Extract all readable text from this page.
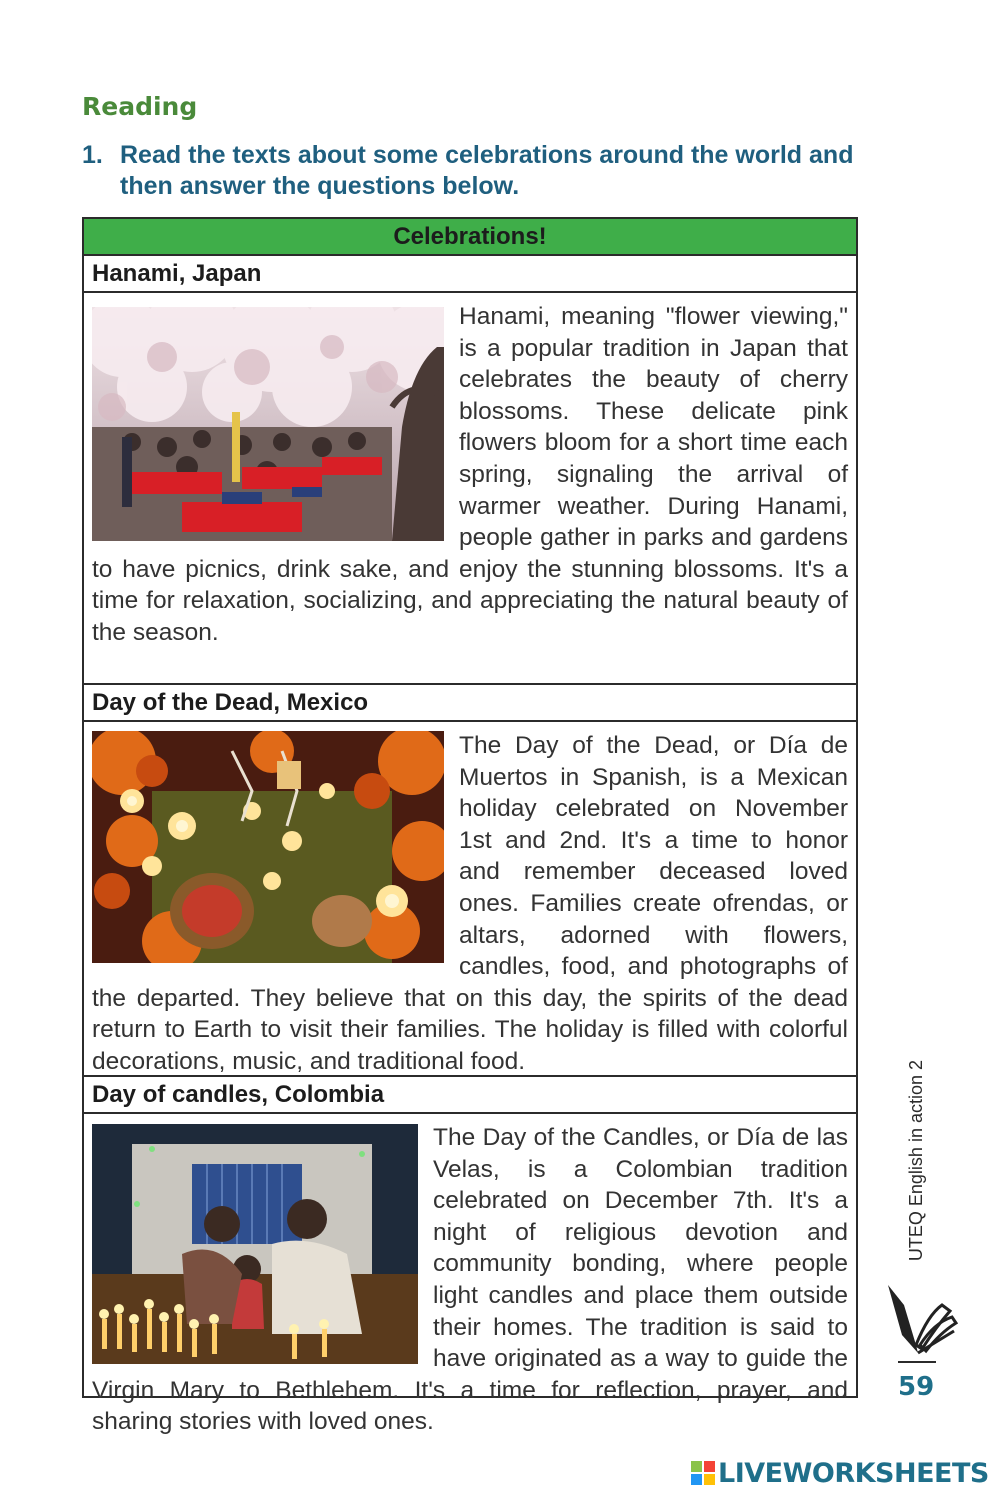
Reading
1. Read the texts about some celebrations around the world and then answer the questions below.
Celebrations!
Hanami, Japan
Hanami, meaning "flower viewing," is a popular tradition in Japan that celebrates the beauty of cherry blossoms. These delicate pink flowers bloom for a short time each spring, signaling the arrival of warmer weather. During Hanami, people gather in parks and gardens to have picnics, drink sake, and enjoy the stunning blossoms. It's a time for relaxation, socializing, and appreciating the natural beauty of the season.
Day of the Dead, Mexico
The Day of the Dead, or Día de Muertos in Spanish, is a Mexican holiday celebrated on November 1st and 2nd. It's a time to honor and remember deceased loved ones. Families create ofrendas, or altars, adorned with flowers, candles, food, and photographs of the departed. They believe that on this day, the spirits of the dead return to Earth to visit their families. The holiday is filled with colorful decorations, music, and traditional food.
Day of candles, Colombia
The Day of the Candles, or Día de las Velas, is a Colombian tradition celebrated on December 7th. It's a night of religious devotion and community bonding, where people light candles and place them outside their homes. The tradition is said to have originated as a way to guide the Virgin Mary to Bethlehem. It's a time for reflection, prayer, and sharing stories with loved ones.
UTEQ English in action 2
59
LIVEWORKSHEETS
